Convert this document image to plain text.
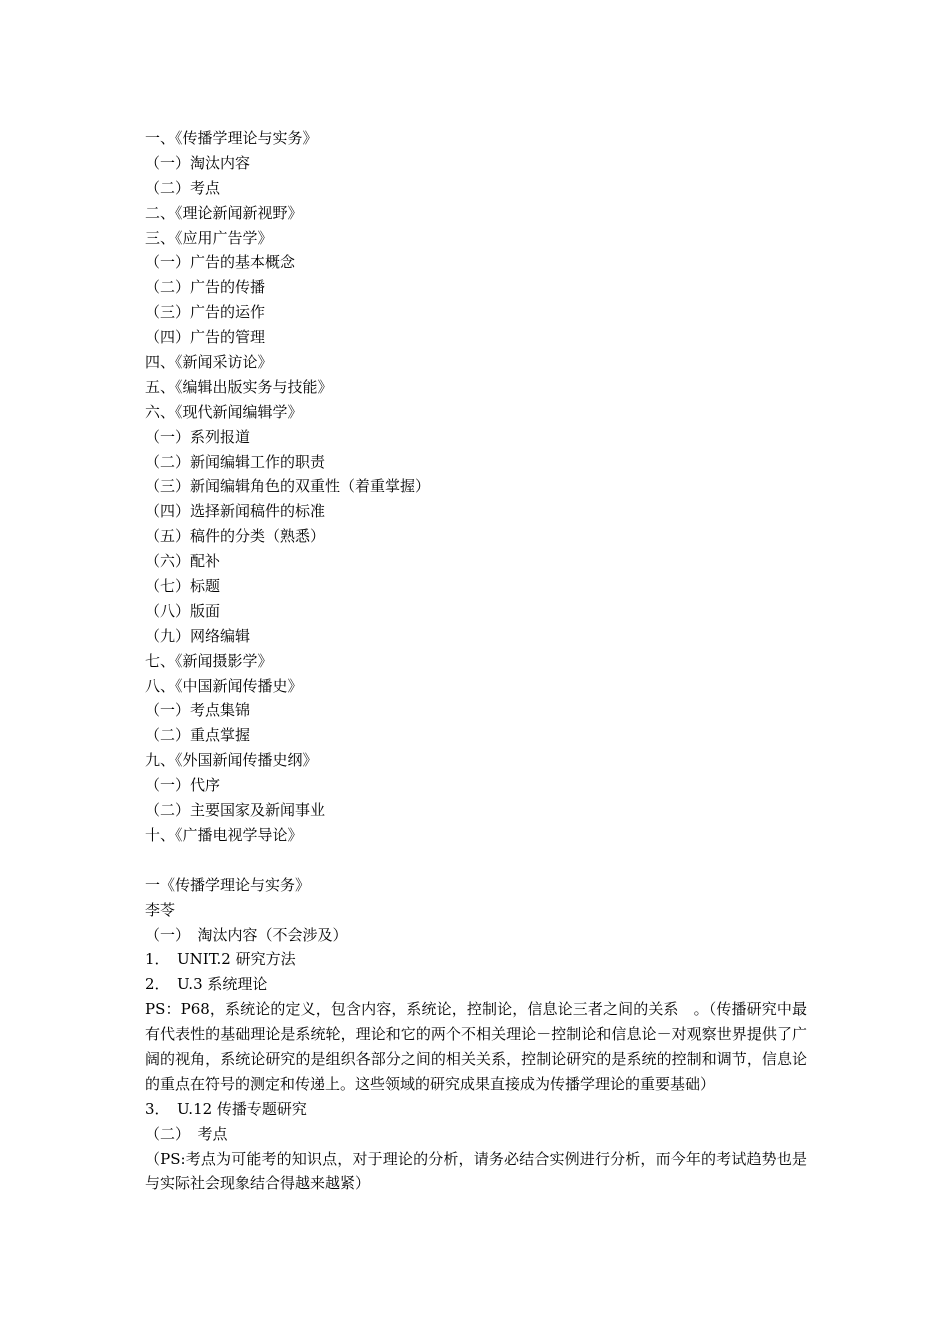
一、《传播学理论与实务》
（一）淘汰内容
（二）考点
二、《理论新闻新视野》
三、《应用广告学》
（一）广告的基本概念
（二）广告的传播
（三）广告的运作
（四）广告的管理
四、《新闻采访论》
五、《编辑出版实务与技能》
六、《现代新闻编辑学》
（一）系列报道
（二）新闻编辑工作的职责
（三）新闻编辑角色的双重性（着重掌握）
（四）选择新闻稿件的标准
（五）稿件的分类（熟悉）
（六）配补
（七）标题
（八）版面
（九）网络编辑
七、《新闻摄影学》
八、《中国新闻传播史》
（一）考点集锦
（二）重点掌握
九、《外国新闻传播史纲》
（一）代序
（二）主要国家及新闻事业
十、《广播电视学导论》
一《传播学理论与实务》
李苓
（一）　淘汰内容（不会涉及）
1．　UNIT.2 研究方法
2．　U.3 系统理论
PS：P68，系统论的定义，包含内容，系统论，控制论，信息论三者之间的关系　。（传播研究中最有代表性的基础理论是系统轮，理论和它的两个不相关理论－控制论和信息论－对观察世界提供了广阔的视角，系统论研究的是组织各部分之间的相关关系，控制论研究的是系统的控制和调节，信息论的重点在符号的测定和传递上。这些领域的研究成果直接成为传播学理论的重要基础）
3．　U.12 传播专题研究
（二）　考点
（PS:考点为可能考的知识点，对于理论的分析，请务必结合实例进行分析，而今年的考试趋势也是与实际社会现象结合得越来越紧）
